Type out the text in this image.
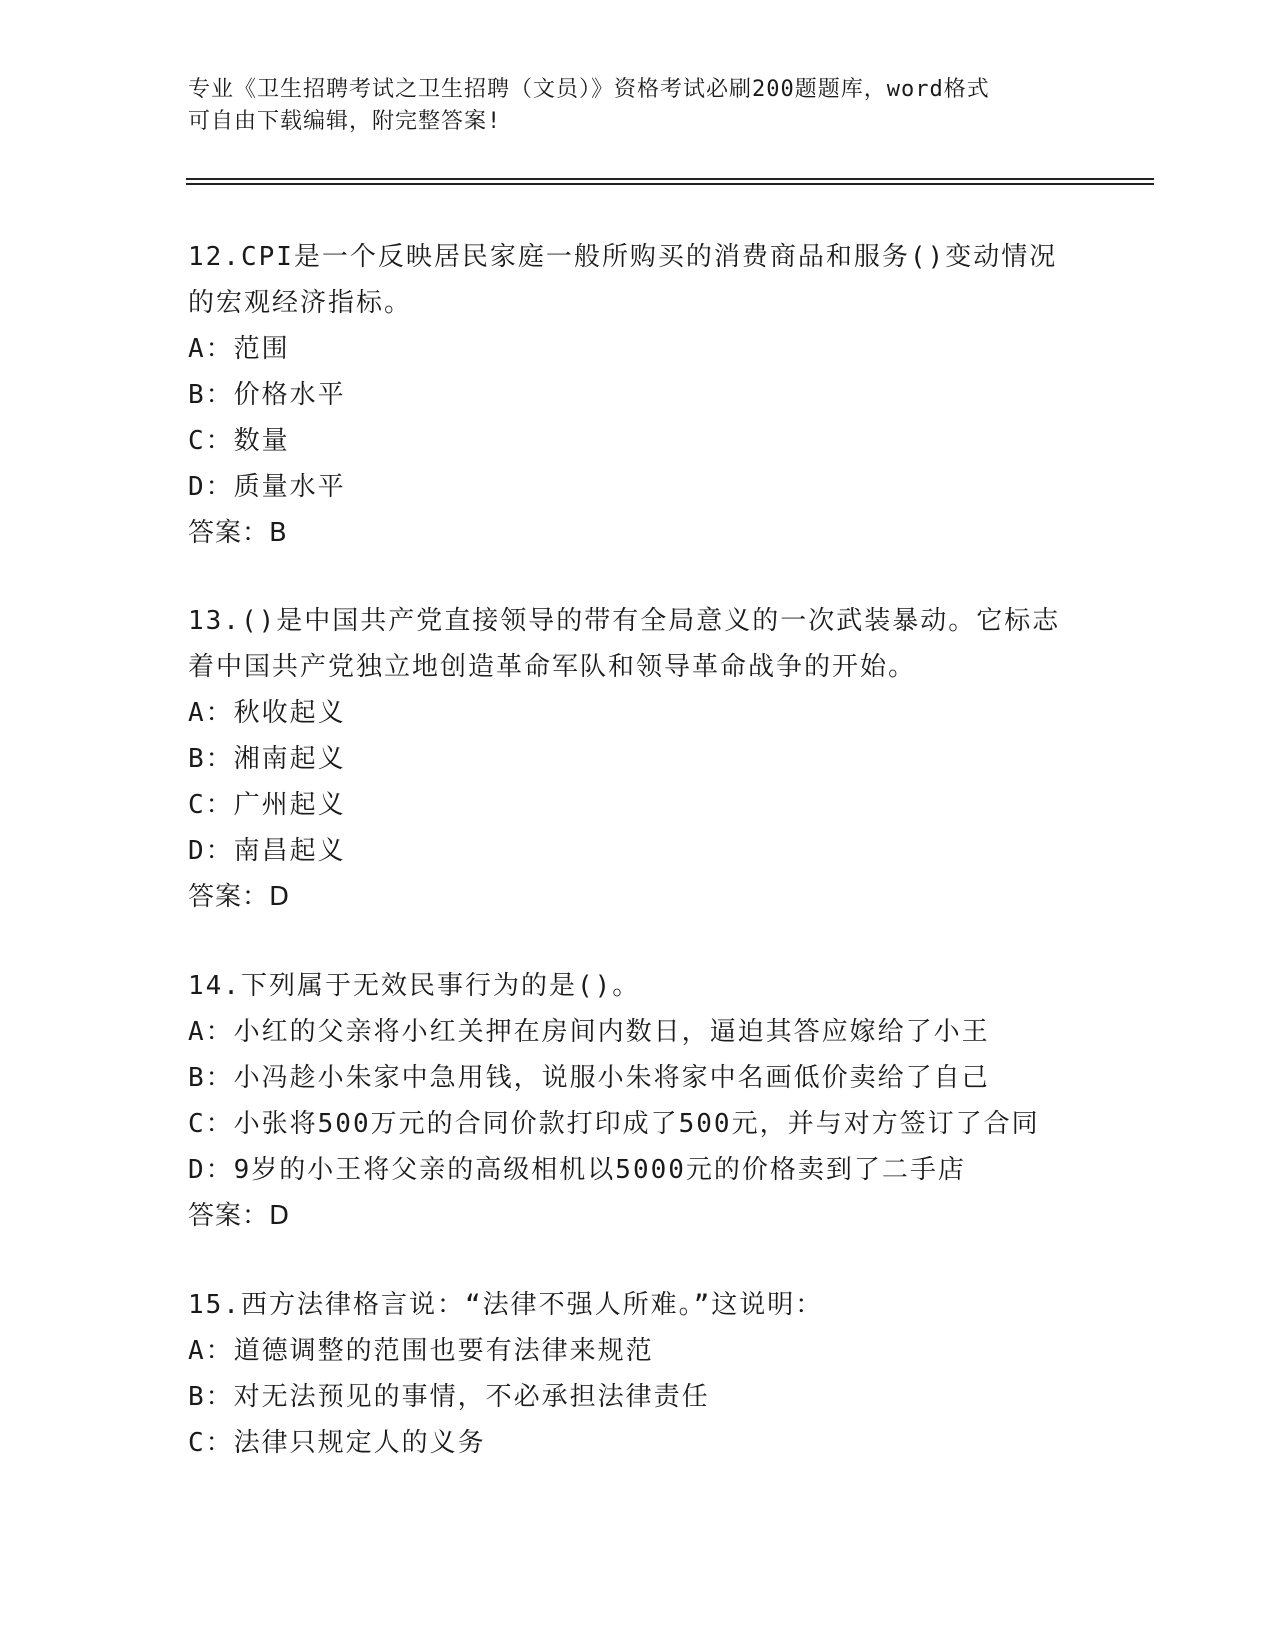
专业《卫生招聘考试之卫生招聘（文员）》资格考试必刷200题题库，word格式
可自由下载编辑，附完整答案!
12.CPI是一个反映居民家庭一般所购买的消费商品和服务()变动情况
的宏观经济指标。
A：范围
B：价格水平
C：数量
D：质量水平
答案：B
13.()是中国共产党直接领导的带有全局意义的一次武装暴动。它标志
着中国共产党独立地创造革命军队和领导革命战争的开始。
A：秋收起义
B：湘南起义
C：广州起义
D：南昌起义
答案：D
14.下列属于无效民事行为的是()。
A：小红的父亲将小红关押在房间内数日，逼迫其答应嫁给了小王
B：小冯趁小朱家中急用钱，说服小朱将家中名画低价卖给了自己
C：小张将500万元的合同价款打印成了500元，并与对方签订了合同
D：9岁的小王将父亲的高级相机以5000元的价格卖到了二手店
答案：D
15.西方法律格言说：“法律不强人所难。”这说明：
A：道德调整的范围也要有法律来规范
B：对无法预见的事情，不必承担法律责任
C：法律只规定人的义务
